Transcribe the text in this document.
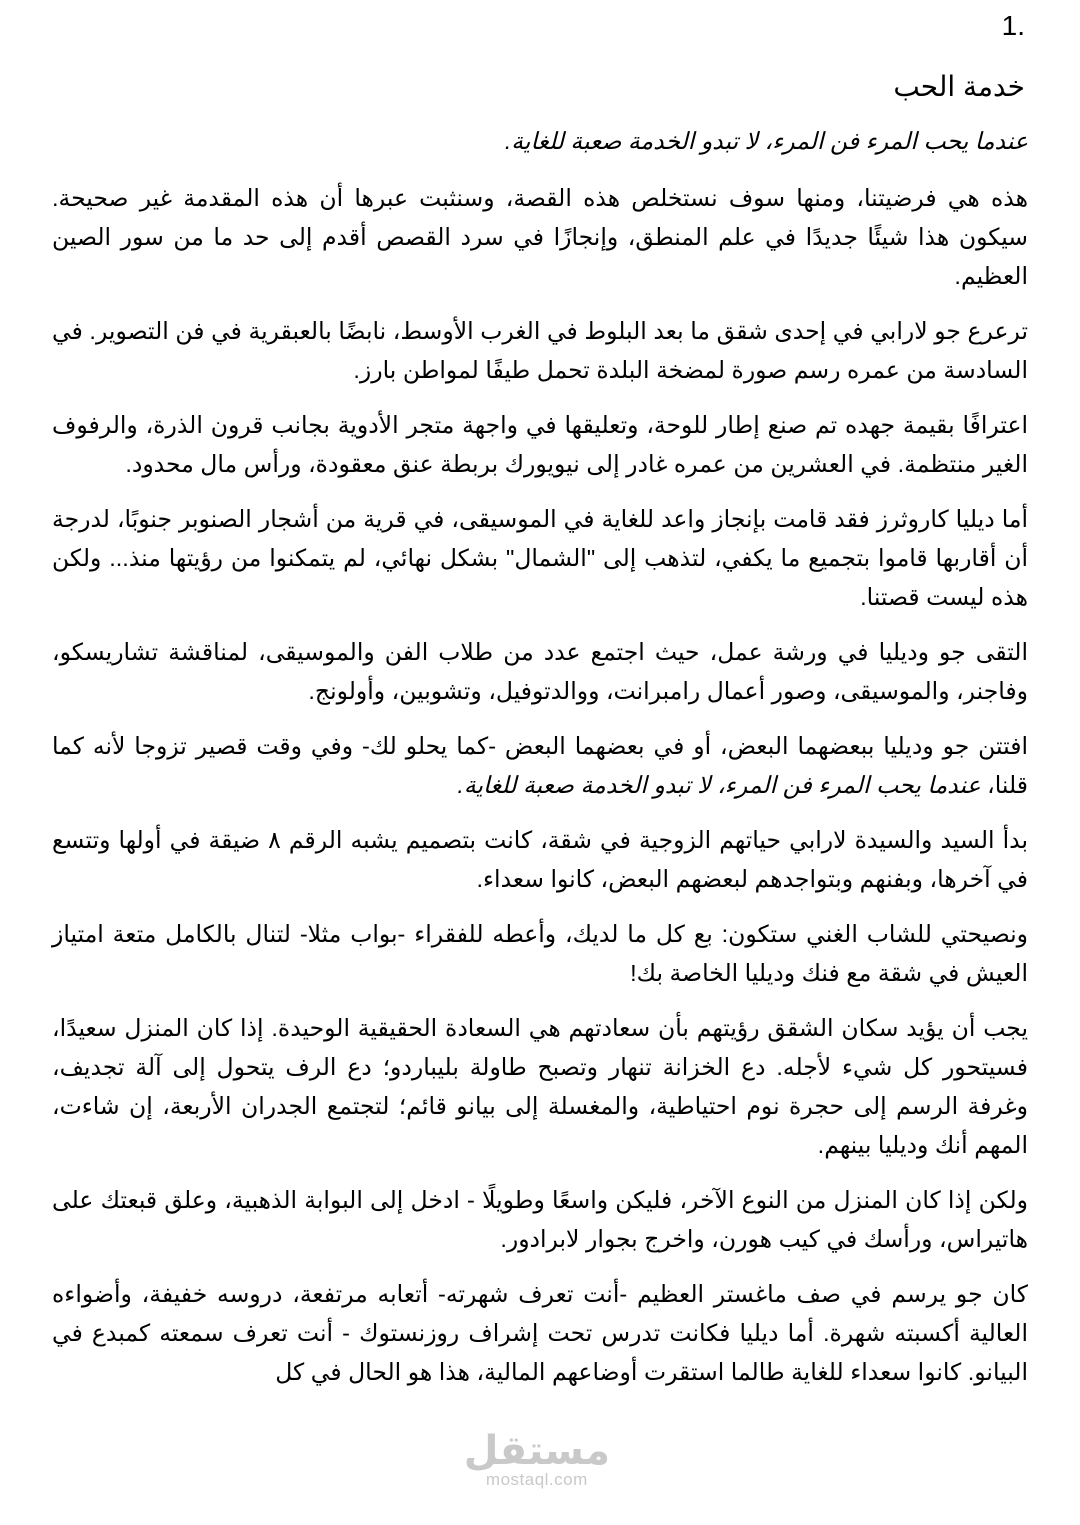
1.
خدمة الحب

عندما يحب المرء فن المرء، لا تبدو الخدمة صعبة للغاية.

هذه هي فرضيتنا، ومنها سوف نستخلص هذه القصة، وسنثبت عبرها أن هذه المقدمة غير صحيحة. سيكون هذا شيئًا جديدًا في علم المنطق، وإنجازًا في سرد القصص أقدم إلى حد ما من سور الصين العظيم.

ترعرع جو لارابي في إحدى شقق ما بعد البلوط في الغرب الأوسط، نابضًا بالعبقرية في فن التصوير. في السادسة من عمره رسم صورة لمضخة البلدة تحمل طيفًا لمواطن بارز.

اعترافًا بقيمة جهده تم صنع إطار للوحة، وتعليقها في واجهة متجر الأدوية بجانب قرون الذرة، والرفوف الغير منتظمة. في العشرين من عمره غادر إلى نيويورك بربطة عنق معقودة، ورأس مال محدود.

أما ديليا كاروثرز فقد قامت بإنجاز واعد للغاية في الموسيقى، في قرية من أشجار الصنوبر جنوبًا، لدرجة أن أقاربها قاموا بتجميع ما يكفي، لتذهب إلى "الشمال" بشكل نهائي، لم يتمكنوا من رؤيتها منذ... ولكن هذه ليست قصتنا.

التقى جو وديليا في ورشة عمل، حيث اجتمع عدد من طلاب الفن والموسيقى، لمناقشة تشاريسكو، وفاجنر، والموسيقى، وصور أعمال رامبرانت، ووالدتوفيل، وتشوبين، وأولونج.

افتتن جو وديليا ببعضهما البعض، أو في بعضهما البعض -كما يحلو لك- وفي وقت قصير تزوجا لأنه كما قلنا، عندما يحب المرء فن المرء، لا تبدو الخدمة صعبة للغاية.

بدأ السيد والسيدة لارابي حياتهم الزوجية في شقة، كانت بتصميم يشبه الرقم ٨ ضيقة في أولها وتتسع في آخرها، وبفنهم وبتواجدهم لبعضهم البعض، كانوا سعداء.

ونصيحتي للشاب الغني ستكون: بع كل ما لديك، وأعطه للفقراء -بواب مثلا- لتنال بالكامل متعة امتياز العيش في شقة مع فنك وديليا الخاصة بك!

يجب أن يؤيد سكان الشقق رؤيتهم بأن سعادتهم هي السعادة الحقيقية الوحيدة. إذا كان المنزل سعيدًا، فسيتحور كل شيء لأجله. دع الخزانة تنهار وتصبح طاولة بليباردو؛ دع الرف يتحول إلى آلة تجديف، وغرفة الرسم إلى حجرة نوم احتياطية، والمغسلة إلى بيانو قائم؛ لتجتمع الجدران الأربعة، إن شاءت، المهم أنك وديليا بينهم.

ولكن إذا كان المنزل من النوع الآخر، فليكن واسعًا وطويلًا - ادخل إلى البوابة الذهبية، وعلق قبعتك على هاتيراس، ورأسك في كيب هورن، واخرج بجوار لابرادور.

كان جو يرسم في صف ماغستر العظيم -أنت تعرف شهرته- أتعابه مرتفعة، دروسه خفيفة، وأضواءه العالية أكسبته شهرة. أما ديليا فكانت تدرس تحت إشراف روزنستوك - أنت تعرف سمعته كمبدع في البيانو. كانوا سعداء للغاية طالما استقرت أوضاعهم المالية، هذا هو الحال في كل

مستقل
mostaql.com
